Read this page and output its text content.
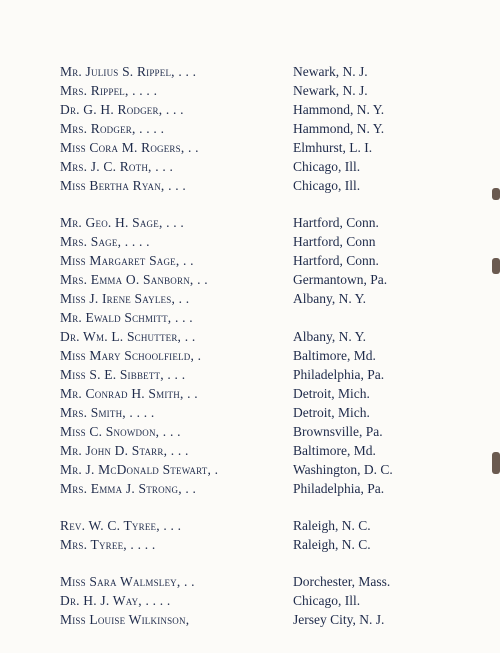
Mr. Julius S. Rippel, . . .	Newark, N. J.
Mrs. Rippel, . . . .	Newark, N. J.
Dr. G. H. Rodger, . . .	Hammond, N. Y.
Mrs. Rodger, . . . .	Hammond, N. Y.
Miss Cora M. Rogers, . .	Elmhurst, L. I.
Mrs. J. C. Roth, . . .	Chicago, Ill.
Miss Bertha Ryan, . . .	Chicago, Ill.
Mr. Geo. H. Sage, . . .	Hartford, Conn.
Mrs. Sage, . . . .	Hartford, Conn
Miss Margaret Sage, . .	Hartford, Conn.
Mrs. Emma O. Sanborn, . .	Germantown, Pa.
Miss J. Irene Sayles, . .	Albany, N. Y.
Mr. Ewald Schmitt, . . .
Dr. Wm. L. Schutter, . .	Albany, N. Y.
Miss Mary Schoolfield, .	Baltimore, Md.
Miss S. E. Sibbett, . . .	Philadelphia, Pa.
Mr. Conrad H. Smith, . .	Detroit, Mich.
Mrs. Smith, . . . .	Detroit, Mich.
Miss C. Snowdon, . . .	Brownsville, Pa.
Mr. John D. Starr, . . .	Baltimore, Md.
Mr. J. McDonald Stewart, .	Washington, D. C.
Mrs. Emma J. Strong, . .	Philadelphia, Pa.
Rev. W. C. Tyree, . . .	Raleigh, N. C.
Mrs. Tyree, . . . .	Raleigh, N. C.
Miss Sara Walmsley, . .	Dorchester, Mass.
Dr. H. J. Way, . . . .	Chicago, Ill.
Miss Louise Wilkinson,	Jersey City, N. J.
